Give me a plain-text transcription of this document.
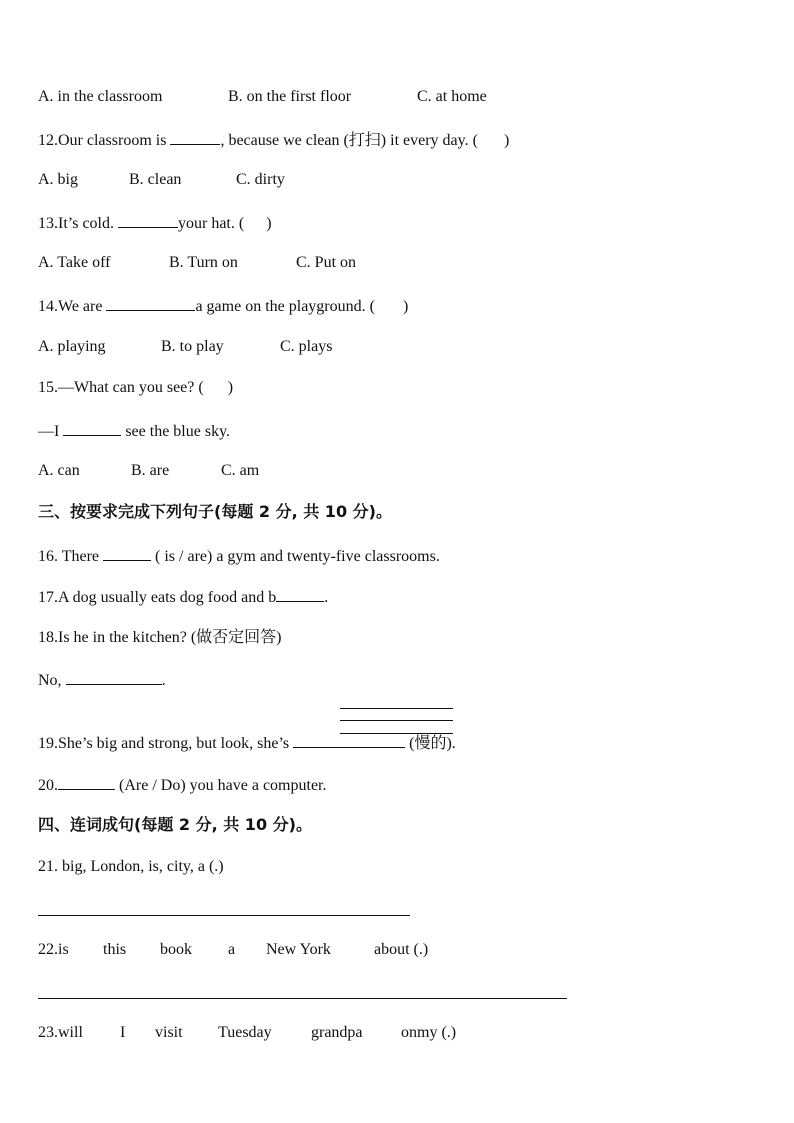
A. in the classroom	B. on the first floor	C. at home
12.Our classroom is	, because we clean (打扫) it every day. ( )
A. big	B. clean	C. dirty
13.It’s cold.	your hat. ( )
A. Take off	B. Turn on	C. Put on
14.We are	a game on the playground. ( )
A. playing	B. to play	C. plays
15.—What can you see? ( )
—I	see the blue sky.
A. can	B. are	C. am
三、按要求完成下列句子(每题 2 分, 共 10 分)。
16. There	( is / are) a gym and twenty-five classrooms.
17.A dog usually eats dog food and b	.
18.Is he in the kitchen? (做否定回答)
No,	.
19.She’s big and strong, but look, she’s	(慢的).
20.	(Are / Do) you have a computer.
四、连词成句(每题 2 分, 共 10 分)。
21. big, London, is, city, a (.)
22.is this book a New York	about (.)
23.will I visit Tuesday grandpa onmy (.)
